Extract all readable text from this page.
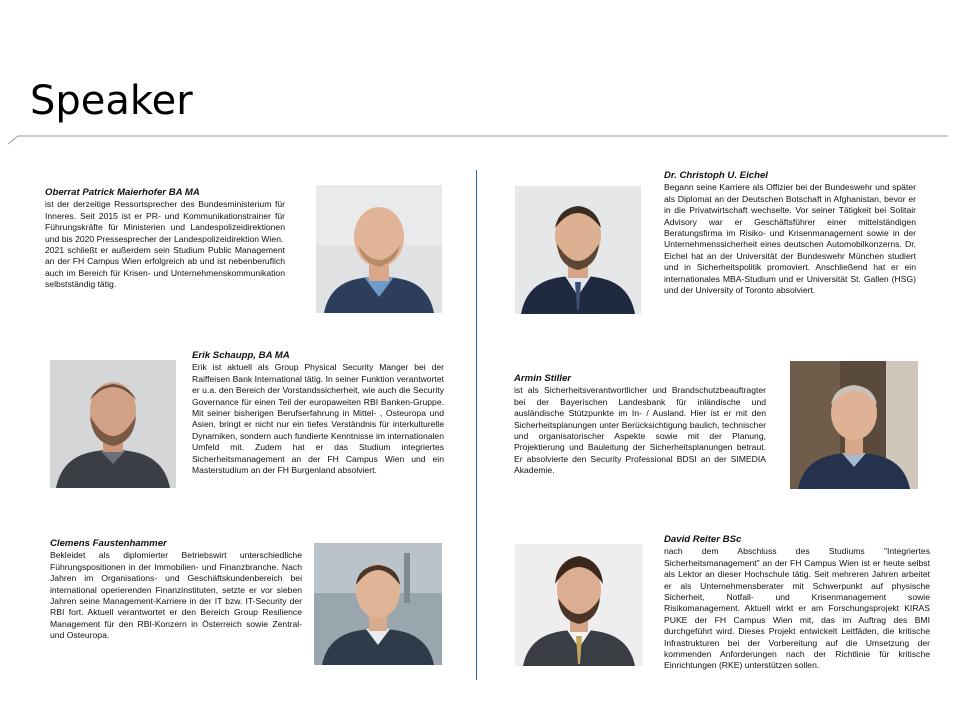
Speaker
Oberrat Patrick Maierhofer BA MA

ist der derzeitige Ressortsprecher des Bundesministerium für Inneres. Seit 2015 ist er PR- und Kommunikationstrainer für Führungskräfte für Ministerien und Landespolizeidirektionen und bis 2020 Pressesprecher der Landespolizeidirektion Wien.

2021 schließt er außerdem sein Studium Public Management an der FH Campus Wien erfolgreich ab und ist nebenberuflich auch im Bereich für Krisen- und Unternehmenskommunikation selbstständig tätig.

Erik Schaupp, BA MA

Erik ist aktuell als Group Physical Security Manger bei der Raiffeisen Bank International tätig. In seiner Funktion verantwortet er u.a. den Bereich der Vorstandssicherheit, wie auch die Security Governance für einen Teil der europaweiten RBI Banken-Gruppe. Mit seiner bisherigen Berufserfahrung in Mittel- , Osteuropa und Asien, bringt er nicht nur ein tiefes Verständnis für interkulturelle Dynamiken, sondern auch fundierte Kenntnisse im internationalen Umfeld mit. Zudem hat er das Studium integriertes Sicherheitsmanagement an der FH Campus Wien und ein Masterstudium an der FH Burgenland absolviert.

Clemens Faustenhammer

Bekleidet als diplomierter Betriebswirt unterschiedliche Führungspositionen in der Immobilien- und Finanzbranche. Nach Jahren im Organisations- und Geschäftskundenbereich bei international operierenden Finanzinstituten, setzte er vor sieben Jahren seine Management-Karriere in der IT bzw. IT-Security der RBI fort. Aktuell verantwortet er den Bereich Group Resilience Management für den RBI-Konzern in Österreich sowie Zentral- und Osteuropa.

Dr. Christoph U. Eichel

Begann seine Karriere als Offizier bei der Bundeswehr und später als Diplomat an der Deutschen Botschaft in Afghanistan, bevor er in die Privatwirtschaft wechselte. Vor seiner Tätigkeit bei Solitair Advisory war er Geschäftsführer einer mittelständigen Beratungsfirma im Risiko- und Krisenmanagement sowie in der Unternehmenssicherheit eines deutschen Automobilkonzerns. Dr. Eichel hat an der Universität der Bundeswehr München studiert und in Sicherheitspolitik promoviert. Anschließend hat er ein internationales MBA-Studium und er Universität St. Gallen (HSG) und der University of Toronto absolviert.

Armin Stiller

ist als Sicherheitsverantwortlicher und Brandschutzbeauftragter bei der Bayerischen Landesbank für inländische und ausländische Stützpunkte im In- / Ausland. Hier ist er mit den Sicherheitsplanungen unter Berücksichtigung baulich, technischer und organisatorischer Aspekte sowie mit der Planung, Projektierung und Bauleitung der Sicherheitsplanungen betraut. Er absolvierte den Security Professional BDSI an der SIMEDIA Akademie.

David Reiter BSc

nach dem Abschluss des Studiums "Integriertes Sicherheitsmanagement" an der FH Campus Wien ist er heute selbst als Lektor an dieser Hochschule tätig. Seit mehreren Jahren arbeitet er als Unternehmensberater mit Schwerpunkt auf physische Sicherheit, Notfall- und Krisenmanagement sowie Risikomanagement. Aktuell wirkt er am Forschungsprojekt KIRAS PUKE der FH Campus Wien mit, das im Auftrag des BMI durchgeführt wird. Dieses Projekt entwickelt Leitfäden, die kritische Infrastrukturen bei der Vorbereitung auf die Umsetzung der kommenden Anforderungen nach der Richtlinie für kritische Einrichtungen (RKE) unterstützen sollen.
